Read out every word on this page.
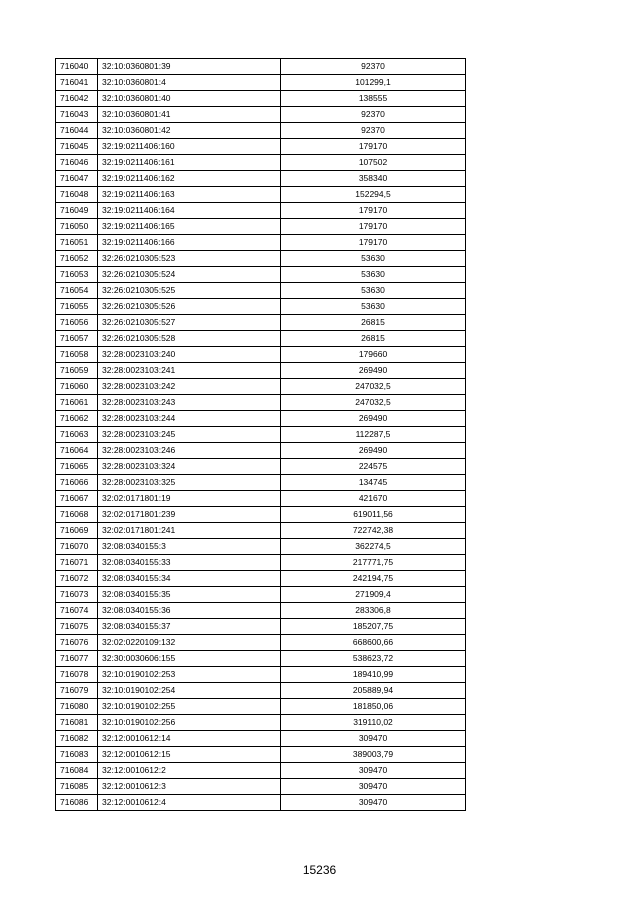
716040	32:10:0360801:39	92370
716041	32:10:0360801:4	101299,1
716042	32:10:0360801:40	138555
716043	32:10:0360801:41	92370
716044	32:10:0360801:42	92370
716045	32:19:0211406:160	179170
716046	32:19:0211406:161	107502
716047	32:19:0211406:162	358340
716048	32:19:0211406:163	152294,5
716049	32:19:0211406:164	179170
716050	32:19:0211406:165	179170
716051	32:19:0211406:166	179170
716052	32:26:0210305:523	53630
716053	32:26:0210305:524	53630
716054	32:26:0210305:525	53630
716055	32:26:0210305:526	53630
716056	32:26:0210305:527	26815
716057	32:26:0210305:528	26815
716058	32:28:0023103:240	179660
716059	32:28:0023103:241	269490
716060	32:28:0023103:242	247032,5
716061	32:28:0023103:243	247032,5
716062	32:28:0023103:244	269490
716063	32:28:0023103:245	112287,5
716064	32:28:0023103:246	269490
716065	32:28:0023103:324	224575
716066	32:28:0023103:325	134745
716067	32:02:0171801:19	421670
716068	32:02:0171801:239	619011,56
716069	32:02:0171801:241	722742,38
716070	32:08:0340155:3	362274,5
716071	32:08:0340155:33	217771,75
716072	32:08:0340155:34	242194,75
716073	32:08:0340155:35	271909,4
716074	32:08:0340155:36	283306,8
716075	32:08:0340155:37	185207,75
716076	32:02:0220109:132	668600,66
716077	32:30:0030606:155	538623,72
716078	32:10:0190102:253	189410,99
716079	32:10:0190102:254	205889,94
716080	32:10:0190102:255	181850,06
716081	32:10:0190102:256	319110,02
716082	32:12:0010612:14	309470
716083	32:12:0010612:15	389003,79
716084	32:12:0010612:2	309470
716085	32:12:0010612:3	309470
716086	32:12:0010612:4	309470
15236
